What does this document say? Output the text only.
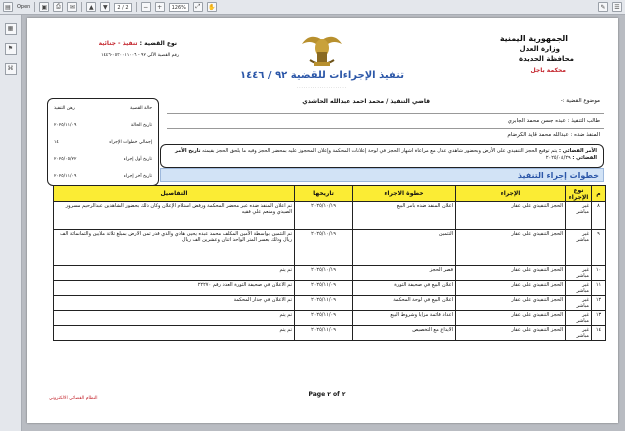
▤	Open	▣	⎙	✉	▲	▼	2 / 2	−	+	126%	⤢	✋	✎	☰
▦
⚑
⌘
الجمهورية اليمنية
وزارة العدل
محافظة الحديدة
محكمة باجل
نوع القضية : تنفيذ - جنائية
رقم القضية الآلي ٩٢ - ٠٥٣٠٠١١٠٠٦-١٤٤٦
تنفيذ الإجراءات للقضية ٩٢ / ١٤٤٦
......................
موضوع القضية :-
قاضي التنفيذ / محمد احمد عبدالله الحاشدي
طالب التنفيذ : عبده جسن محمد الجابري
المنفذ ضده : عبدالله محمد قايد الكرضام
حالة القضية
رهن التنفيذ
تاريخ الحالة
٢٠٢٥/١١/٠٩
إجمالي خطوات الإجراء
١٤
تاريخ أول إجراء
٢٠٢٥/٠٥/٢٢
تاريخ آخر إجراء
٢٠٢٥/١١/٠٩
الأمر القضائي : يتم توقيع الحجز التنفيذي على الأرض وبحضور شاهدي عدل مع مراعاة اشهار الحجز في لوحة إعلانات المحكمة وإعلان المحجوز عليه بمحضر الحجز وفيه ما يلحق الحجز بقيمته تاريخ الأمر القضائي : ٢٠٢٥/٠٤/٢٩
خطوات إجراء التنفيذ
م	نوع الإجراء	الإجراء	خطوة الاجراء	تاريخها	التفاصيل
٨	غير مباشر	الحجز التنفيذي على عقار	اعلان المنفذ ضده بامر البيع	٢٠٢٥/١٠/١٩	تم اعلان المنفذ ضده عبر محضر المحكمة ورفض استلام الإعلان وكان ذلك بحضور الشاهدين عبدالرحيم مسرور الصيدي ومنعم علي فقيه
٩	غير مباشر	الحجز التنفيذي على عقار	التثمين	٢٠٢٥/١٠/١٩	تم التثمين بواسطة الأمين المكلف محمد عبده يحيى هادي والذي قدر ثمن الارض بمبلغ ثلاثة ملايين والثمانمائة الف ريال وذلك بعسر المتر الواحد اثنان وعشرين الف ريال
١٠	غير مباشر	الحجز التنفيذي على عقار	قصر الحجز	٢٠٢٥/١٠/١٩	تم يتم
١١	غير مباشر	الحجز التنفيذي على عقار	اعلان البيع في صحيفة الثورة	٢٠٢٥/١١/٠٩	تم الاعلان في صحيفة الثورة العدد رقم ٢٢٢٧٠
١٢	غير مباشر	الحجز التنفيذي على عقار	اعلان البيع في لوحة المحكمة	٢٠٢٥/١١/٠٩	تم الاعلان في جدار المحكمة
١٣	غير مباشر	الحجز التنفيذي على عقار	اعداد قائمة مزايا وشروط البيع	٢٠٢٥/١١/٠٩	تم يتم
١٤	غير مباشر	الحجز التنفيذي على عقار	الايداع مع التخصيص	٢٠٢٥/١١/٠٩	تم يتم
Page ٢ of ٢
النظام القضائي الالكتروني
